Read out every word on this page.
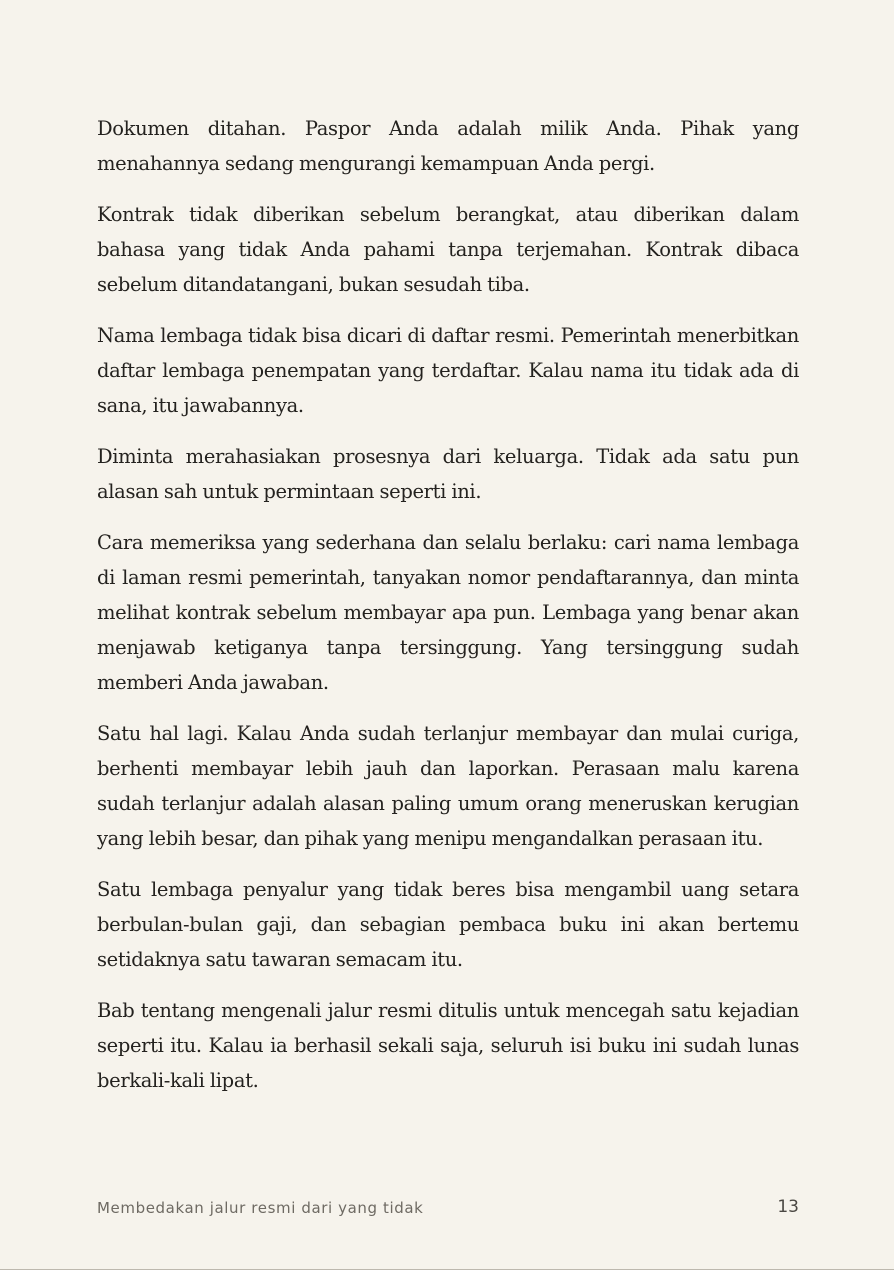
Dokumen ditahan. Paspor Anda adalah milik Anda. Pihak yang menahannya sedang mengurangi kemampuan Anda pergi.

Kontrak tidak diberikan sebelum berangkat, atau diberikan dalam bahasa yang tidak Anda pahami tanpa terjemahan. Kontrak dibaca sebelum ditandatangani, bukan sesudah tiba.

Nama lembaga tidak bisa dicari di daftar resmi. Pemerintah menerbitkan daftar lembaga penempatan yang terdaftar. Kalau nama itu tidak ada di sana, itu jawabannya.

Diminta merahasiakan prosesnya dari keluarga. Tidak ada satu pun alasan sah untuk permintaan seperti ini.

Cara memeriksa yang sederhana dan selalu berlaku: cari nama lembaga di laman resmi pemerintah, tanyakan nomor pendaftarannya, dan minta melihat kontrak sebelum membayar apa pun. Lembaga yang benar akan menjawab ketiganya tanpa tersinggung. Yang tersinggung sudah memberi Anda jawaban.

Satu hal lagi. Kalau Anda sudah terlanjur membayar dan mulai curiga, berhenti membayar lebih jauh dan laporkan. Perasaan malu karena sudah terlanjur adalah alasan paling umum orang meneruskan kerugian yang lebih besar, dan pihak yang menipu mengandalkan perasaan itu.

Satu lembaga penyalur yang tidak beres bisa mengambil uang setara berbulan-bulan gaji, dan sebagian pembaca buku ini akan bertemu setidaknya satu tawaran semacam itu.

Bab tentang mengenali jalur resmi ditulis untuk mencegah satu kejadian seperti itu. Kalau ia berhasil sekali saja, seluruh isi buku ini sudah lunas berkali-kali lipat.

Membedakan jalur resmi dari yang tidak	13
